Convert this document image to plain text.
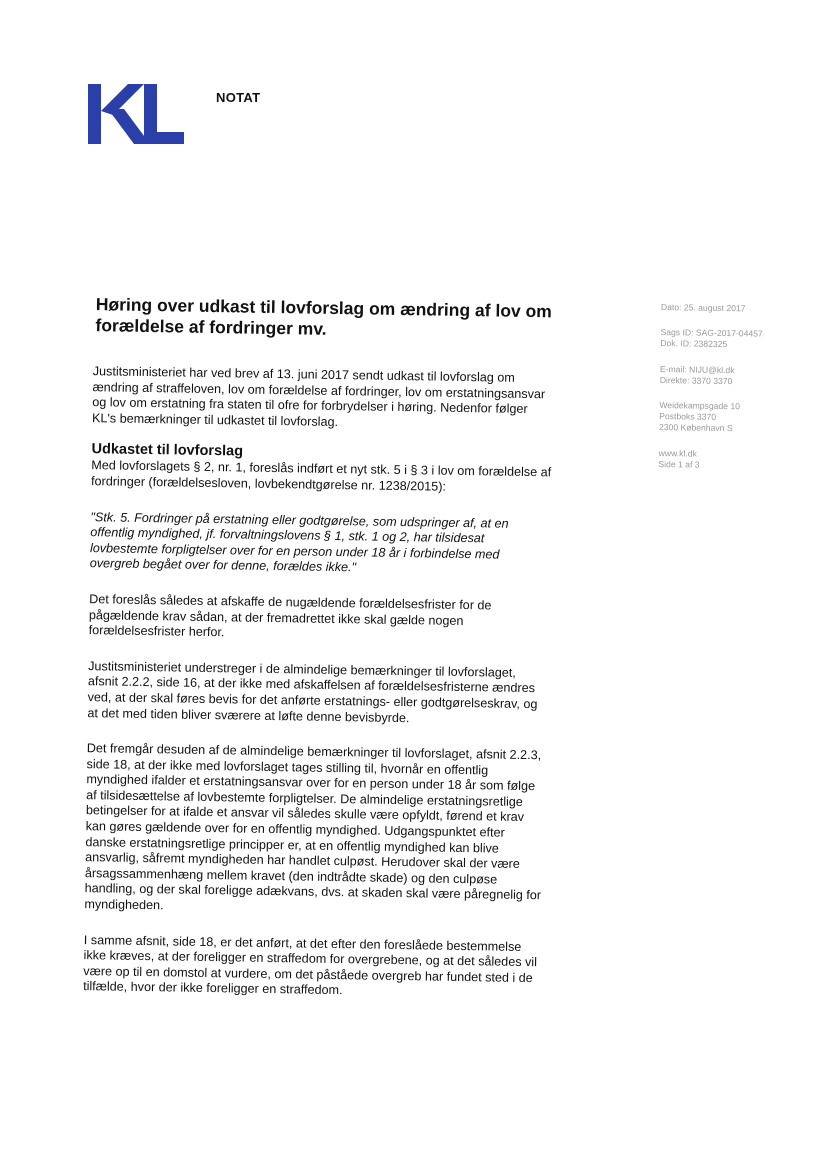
NOTAT
Høring over udkast til lovforslag om ændring af lov om forældelse af fordringer mv.
Justitsministeriet har ved brev af 13. juni 2017 sendt udkast til lovforslag om ændring af straffeloven, lov om forældelse af fordringer, lov om erstatningsansvar og lov om erstatning fra staten til ofre for forbrydelser i høring. Nedenfor følger KL's bemærkninger til udkastet til lovforslag.
Udkastet til lovforslag
Med lovforslagets § 2, nr. 1, foreslås indført et nyt stk. 5 i § 3 i lov om forældelse af fordringer (forældelsesloven, lovbekendtgørelse nr. 1238/2015):
"Stk. 5. Fordringer på erstatning eller godtgørelse, som udspringer af, at en offentlig myndighed, jf. forvaltningslovens § 1, stk. 1 og 2, har tilsidesat lovbestemte forpligtelser over for en person under 18 år i forbindelse med overgreb begået over for denne, forældes ikke."
Det foreslås således at afskaffe de nugældende forældelsesfrister for de pågældende krav sådan, at der fremadrettet ikke skal gælde nogen forældelsesfrister herfor.
Justitsministeriet understreger i de almindelige bemærkninger til lovforslaget, afsnit 2.2.2, side 16, at der ikke med afskaffelsen af forældelsesfristerne ændres ved, at der skal føres bevis for det anførte erstatnings- eller godtgørelseskrav, og at det med tiden bliver sværere at løfte denne bevisbyrde.
Det fremgår desuden af de almindelige bemærkninger til lovforslaget, afsnit 2.2.3, side 18, at der ikke med lovforslaget tages stilling til, hvornår en offentlig myndighed ifalder et erstatningsansvar over for en person under 18 år som følge af tilsidesættelse af lovbestemte forpligtelser. De almindelige erstatningsretlige betingelser for at ifalde et ansvar vil således skulle være opfyldt, førend et krav kan gøres gældende over for en offentlig myndighed. Udgangspunktet efter danske erstatningsretlige principper er, at en offentlig myndighed kan blive ansvarlig, såfremt myndigheden har handlet culpøst. Herudover skal der være årsagssammenhæng mellem kravet (den indtrådte skade) og den culpøse handling, og der skal foreligge adækvans, dvs. at skaden skal være påregnelig for myndigheden.
I samme afsnit, side 18, er det anført, at det efter den foreslåede bestemmelse ikke kræves, at der foreligger en straffedom for overgrebene, og at det således vil være op til en domstol at vurdere, om det påståede overgreb har fundet sted i de tilfælde, hvor der ikke foreligger en straffedom.
Dato: 25. august 2017
Sags ID: SAG-2017-04457
Dok. ID: 2382325
E-mail: NIJU@kl.dk
Direkte: 3370 3370
Weidekampsgade 10
Postboks 3370
2300 København S
www.kl.dk
Side 1 af 3
